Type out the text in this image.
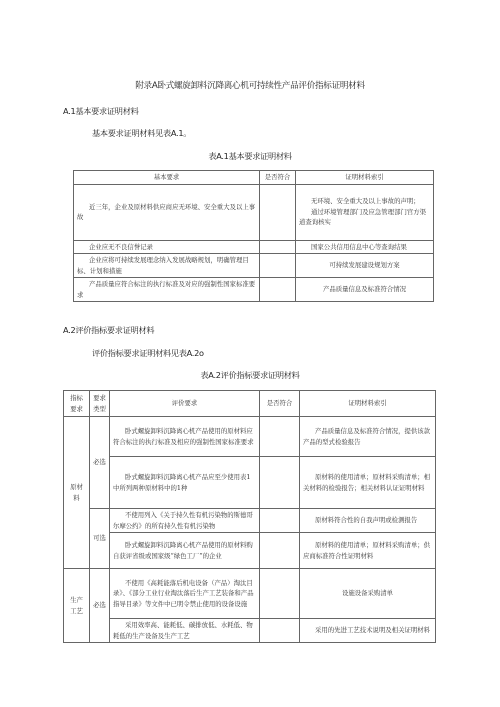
附录A卧式螺旋卸料沉降离心机可持续性产品评价指标证明材料
A.1基本要求证明材料
基本要求证明材料见表A.1。
表A.1基本要求证明材料
基本要求	是否符合	证明材料索引
近三年，企业及原材料供应商应无环境、安全重大及以上事故		无环境、安全重大及以上事故的声明；
通过环境管理部门及应急管理部门官方渠道查询核实

企业应无不良信誉记录		国家公共信用信息中心等查询结果
企业应将可持续发展理念纳入发展战略规划，明确管理目标、计划和措施		可持续发展建设规划方案
产品质量应符合标注的执行标准及对应的强制性国家标准要求		产品质量信息及标准符合情况
A.2评价指标要求证明材料
评价指标要求证明材料见表A.2o
表A.2评价指标要求证明材料
指标要求	要求类型	评价要求	是否符合	证明材料索引
原材料	必选	卧式螺旋卸料沉降离心机产品使用的原材料应符合标注的执行标准及相应的强制性国家标准要求		产品质量信息及标准符合情况，提供该款产品的型式检验报告
		卧式螺旋卸料沉降离心机产品应至少使用表1中所列两种原材料中的1种		原材料的使用清单；原材料采购清单；相关材料的检验报告；相关材料认证证明材料
	可选	不使用列入《关于持久性有机污染物的斯德哥尔摩公约》的所有持久性有机污染物		原材料符合性的自我声明或检测报告
		卧式螺旋卸料沉降离心机产品使用的原材料购自获评省级或国家级“绿色工厂”的企业		原材料的使用清单；原材料采购清单；供应商标准符合性证明材料
生产工艺	必选	不使用《高耗能落后机电设备（产品）淘汰目录》、《部分工业行业淘汰落后生产工艺装备和产品指导目录》等文件中已明令禁止使用的设备设施		设施设备采购清单
		采用效率高、能耗低、碳排放低、水耗低、物耗低的生产设备及生产工艺		采用的先进工艺技术说明及相关证明材料
